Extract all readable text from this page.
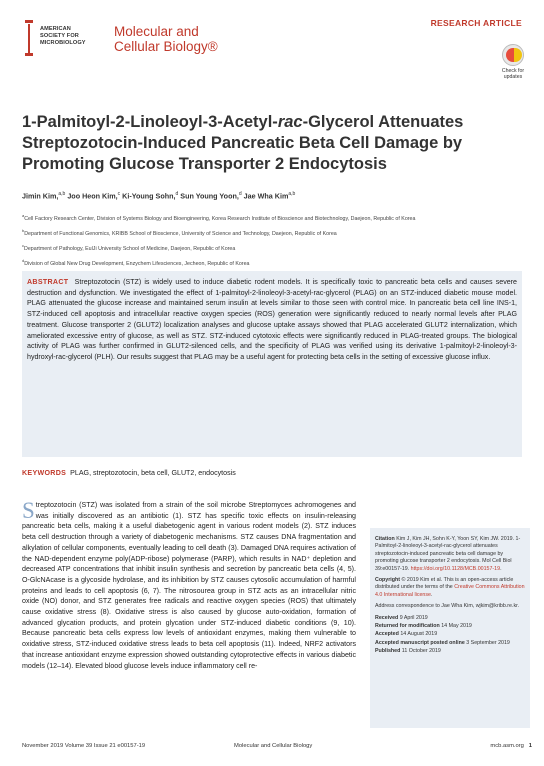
AMERICAN
SOCIETY FOR
MICROBIOLOGY
Molecular and
Cellular Biology®
RESEARCH ARTICLE
Check for
updates
1-Palmitoyl-2-Linoleoyl-3-Acetyl-rac-Glycerol Attenuates Streptozotocin-Induced Pancreatic Beta Cell Damage by Promoting Glucose Transporter 2 Endocytosis
Jimin Kim,$^{a,b}$ Joo Heon Kim,$^c$ Ki-Young Sohn,$^d$ Sun Young Yoon,$^d$ Jae Wha Kim$^{a,b}$

$^a$Cell Factory Research Center, Division of Systems Biology and Bioengineering, Korea Research Institute of Bioscience and Biotechnology, Daejeon, Republic of Korea

$^b$Department of Functional Genomics, KRIBB School of Bioscience, University of Science and Technology, Daejeon, Republic of Korea

$^c$Department of Pathology, EulJi University School of Medicine, Daejeon, Republic of Korea

$^d$Division of Global New Drug Development, Enzychem Lifesciences, Jecheon, Republic of Korea

ABSTRACT Streptozotocin (STZ) is widely used to induce diabetic rodent models. It is specifically toxic to pancreatic beta cells and causes severe destruction and dysfunction. We investigated the effect of 1-palmitoyl-2-linoleoyl-3-acetyl-rac-glycerol (PLAG) on an STZ-induced diabetic mouse model. PLAG attenuated the glucose increase and maintained serum insulin at levels similar to those seen with control mice. In pancreatic beta cell line INS-1, STZ-induced cell apoptosis and intracellular reactive oxygen species (ROS) generation were significantly reduced to nearly normal levels after PLAG treatment. Glucose transporter 2 (GLUT2) localization analyses and glucose uptake assays showed that PLAG accelerated GLUT2 internalization, which ameliorated excessive entry of glucose, as well as STZ. STZ-induced cytotoxic effects were significantly reduced in PLAG-treated groups. The biological activity of PLAG was further confirmed in GLUT2-silenced cells, and the specificity of PLAG was verified using its derivative 1-palmitoyl-2-linoleoyl-3-hydroxyl-rac-glycerol (PLH). Our results suggest that PLAG may be a useful agent for protecting beta cells in the setting of excessive glucose influx.
KEYWORDS PLAG, streptozotocin, beta cell, GLUT2, endocytosis
Streptozotocin (STZ) was isolated from a strain of the soil microbe Streptomyces achromogenes and was initially discovered as an antibiotic (1). STZ has specific toxic effects on insulin-releasing pancreatic beta cells, making it a useful diabetogenic agent in various rodent models (2). STZ induces beta cell destruction through a variety of diabetogenic mechanisms. STZ causes DNA fragmentation and alkylation of cellular components, eventually leading to cell death (3). Damaged DNA requires activation of the NAD-dependent enzyme poly(ADP-ribose) polymerase (PARP), which results in NAD⁺ depletion and decreased ATP concentrations that inhibit insulin synthesis and secretion by pancreatic beta cells (4, 5). O-GlcNAcase is a glycoside hydrolase, and its inhibition by STZ causes cytosolic accumulation of harmful proteins and leads to cell apoptosis (6, 7). The nitrosourea group in STZ acts as an intracellular nitric oxide (NO) donor, and STZ generates free radicals and reactive oxygen species (ROS) that ultimately cause oxidative stress (8). Oxidative stress is also caused by glucose auto-oxidation, formation of advanced glycation products, and protein glycation under STZ-induced diabetic conditions (9, 10). Because pancreatic beta cells express low levels of antioxidant enzymes, making them vulnerable to oxidative stress, STZ-induced oxidative stress leads to beta cell apoptosis (11). Indeed, NRF2 activators that increase antioxidant enzyme expression showed outstanding cytoprotective effects in various diabetic models (12–14). Elevated blood glucose levels induce inflammatory cell re-

Citation Kim J, Kim JH, Sohn K-Y, Yoon SY, Kim JW. 2019. 1-Palmitoyl-2-linoleoyl-3-acetyl-rac-glycerol attenuates streptozotocin-induced pancreatic beta cell damage by promoting glucose transporter 2 endocytosis. Mol Cell Biol 39:e00157-19. https://doi.org/10.1128/MCB.00157-19.

Copyright © 2019 Kim et al. This is an open-access article distributed under the terms of the Creative Commons Attribution 4.0 International license.

Address correspondence to Jae Wha Kim, wjkim@kribb.re.kr.

Received 9 April 2019

Returned for modification 14 May 2019

Accepted 14 August 2019

Accepted manuscript posted online 3 September 2019

Published 11 October 2019

November 2019 Volume 39 Issue 21 e00157-19	Molecular and Cellular Biology	mcb.asm.org 1
